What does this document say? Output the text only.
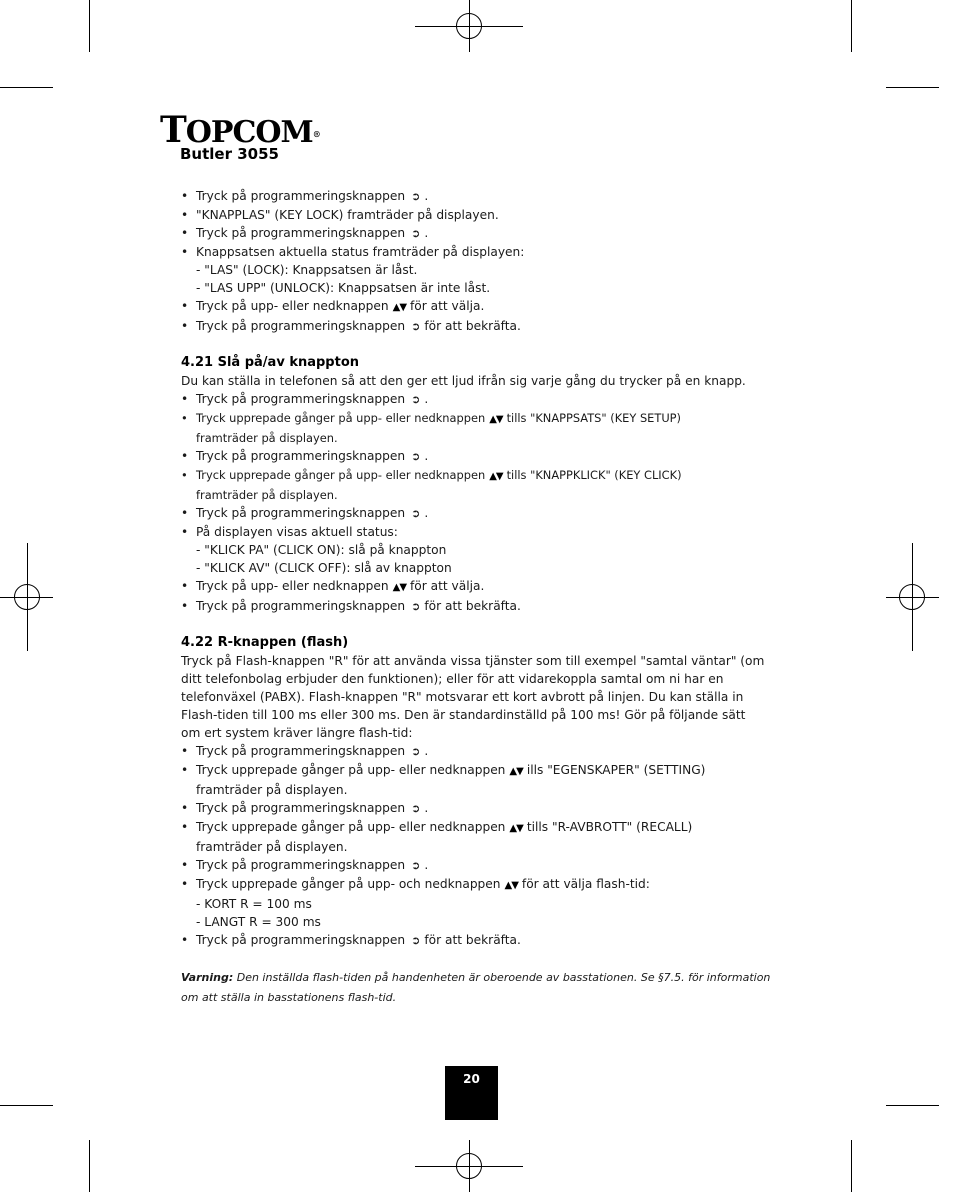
TOPCOM®
Butler 3055
• Tryck på programmeringsknappen ➲ .
• "KNAPPLAS" (KEY LOCK) framträder på displayen.
• Tryck på programmeringsknappen ➲ .
• Knappsatsen aktuella status framträder på displayen:
- "LAS" (LOCK): Knappsatsen är låst.
- "LAS UPP" (UNLOCK): Knappsatsen är inte låst.
• Tryck på upp- eller nedknappen ▲▼ för att välja.
• Tryck på programmeringsknappen ➲ för att bekräfta.
4.21 Slå på/av knappton
Du kan ställa in telefonen så att den ger ett ljud ifrån sig varje gång du trycker på en knapp.
• Tryck på programmeringsknappen ➲ .
• Tryck upprepade gånger på upp- eller nedknappen ▲▼ tills "KNAPPSATS" (KEY SETUP)
framträder på displayen.
• Tryck på programmeringsknappen ➲ .
• Tryck upprepade gånger på upp- eller nedknappen ▲▼ tills "KNAPPKLICK" (KEY CLICK)
framträder på displayen.
• Tryck på programmeringsknappen ➲ .
• På displayen visas aktuell status:
- "KLICK PA" (CLICK ON): slå på knappton
- "KLICK AV" (CLICK OFF): slå av knappton
• Tryck på upp- eller nedknappen ▲▼ för att välja.
• Tryck på programmeringsknappen ➲ för att bekräfta.
4.22 R-knappen (flash)
Tryck på Flash-knappen "R" för att använda vissa tjänster som till exempel "samtal väntar" (om
ditt telefonbolag erbjuder den funktionen); eller för att vidarekoppla samtal om ni har en
telefonväxel (PABX). Flash-knappen "R" motsvarar ett kort avbrott på linjen. Du kan ställa in
Flash-tiden till 100 ms eller 300 ms. Den är standardinställd på 100 ms! Gör på följande sätt
om ert system kräver längre flash-tid:
• Tryck på programmeringsknappen ➲ .
• Tryck upprepade gånger på upp- eller nedknappen ▲▼ ills "EGENSKAPER" (SETTING)
framträder på displayen.
• Tryck på programmeringsknappen ➲ .
• Tryck upprepade gånger på upp- eller nedknappen ▲▼ tills "R-AVBROTT" (RECALL)
framträder på displayen.
• Tryck på programmeringsknappen ➲ .
• Tryck upprepade gånger på upp- och nedknappen ▲▼ för att välja flash-tid:
- KORT R = 100 ms
- LANGT R = 300 ms
• Tryck på programmeringsknappen ➲ för att bekräfta.
Varning: Den inställda flash-tiden på handenheten är oberoende av basstationen. Se §7.5. för information
om att ställa in basstationens flash-tid.
20
